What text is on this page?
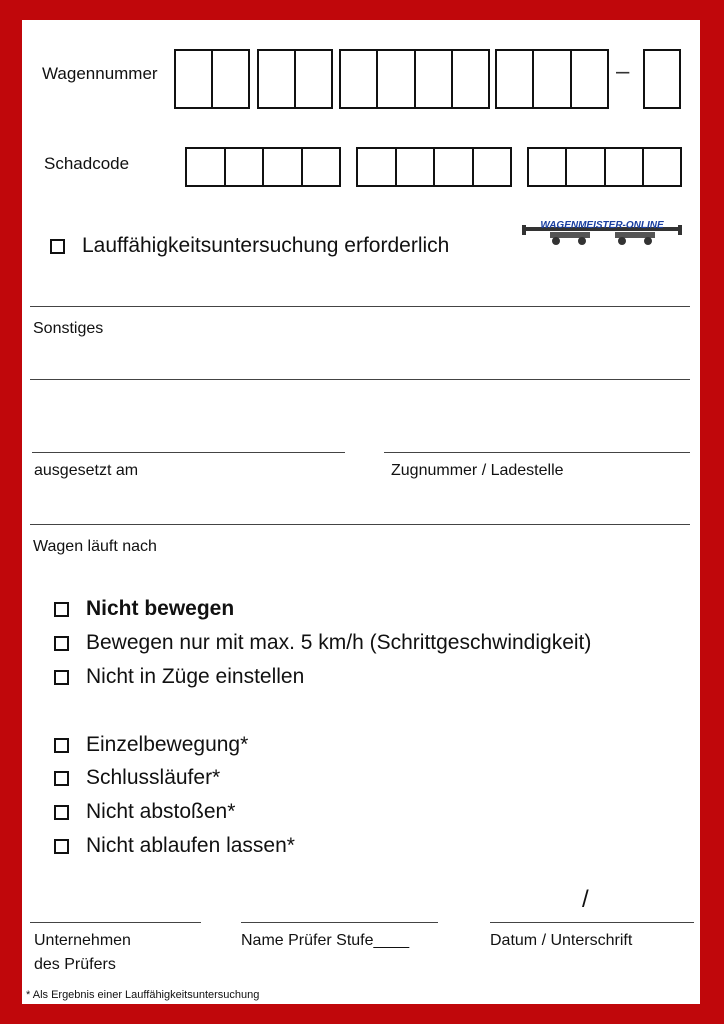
Wagennummer	–
Schadcode
Lauffähigkeitsuntersuchung erforderlich
WAGENMEISTER-ONLINE
Sonstiges
ausgesetzt am	Zugnummer / Ladestelle
Wagen läuft nach
Nicht bewegen
Bewegen nur mit max. 5 km/h (Schrittgeschwindigkeit)
Nicht in Züge einstellen
Einzelbewegung*
Schlussläufer*
Nicht abstoßen*
Nicht ablaufen lassen*
/
Unternehmen
des Prüfers
Name Prüfer Stufe____	Datum / Unterschrift
* Als Ergebnis einer Lauffähigkeitsuntersuchung
